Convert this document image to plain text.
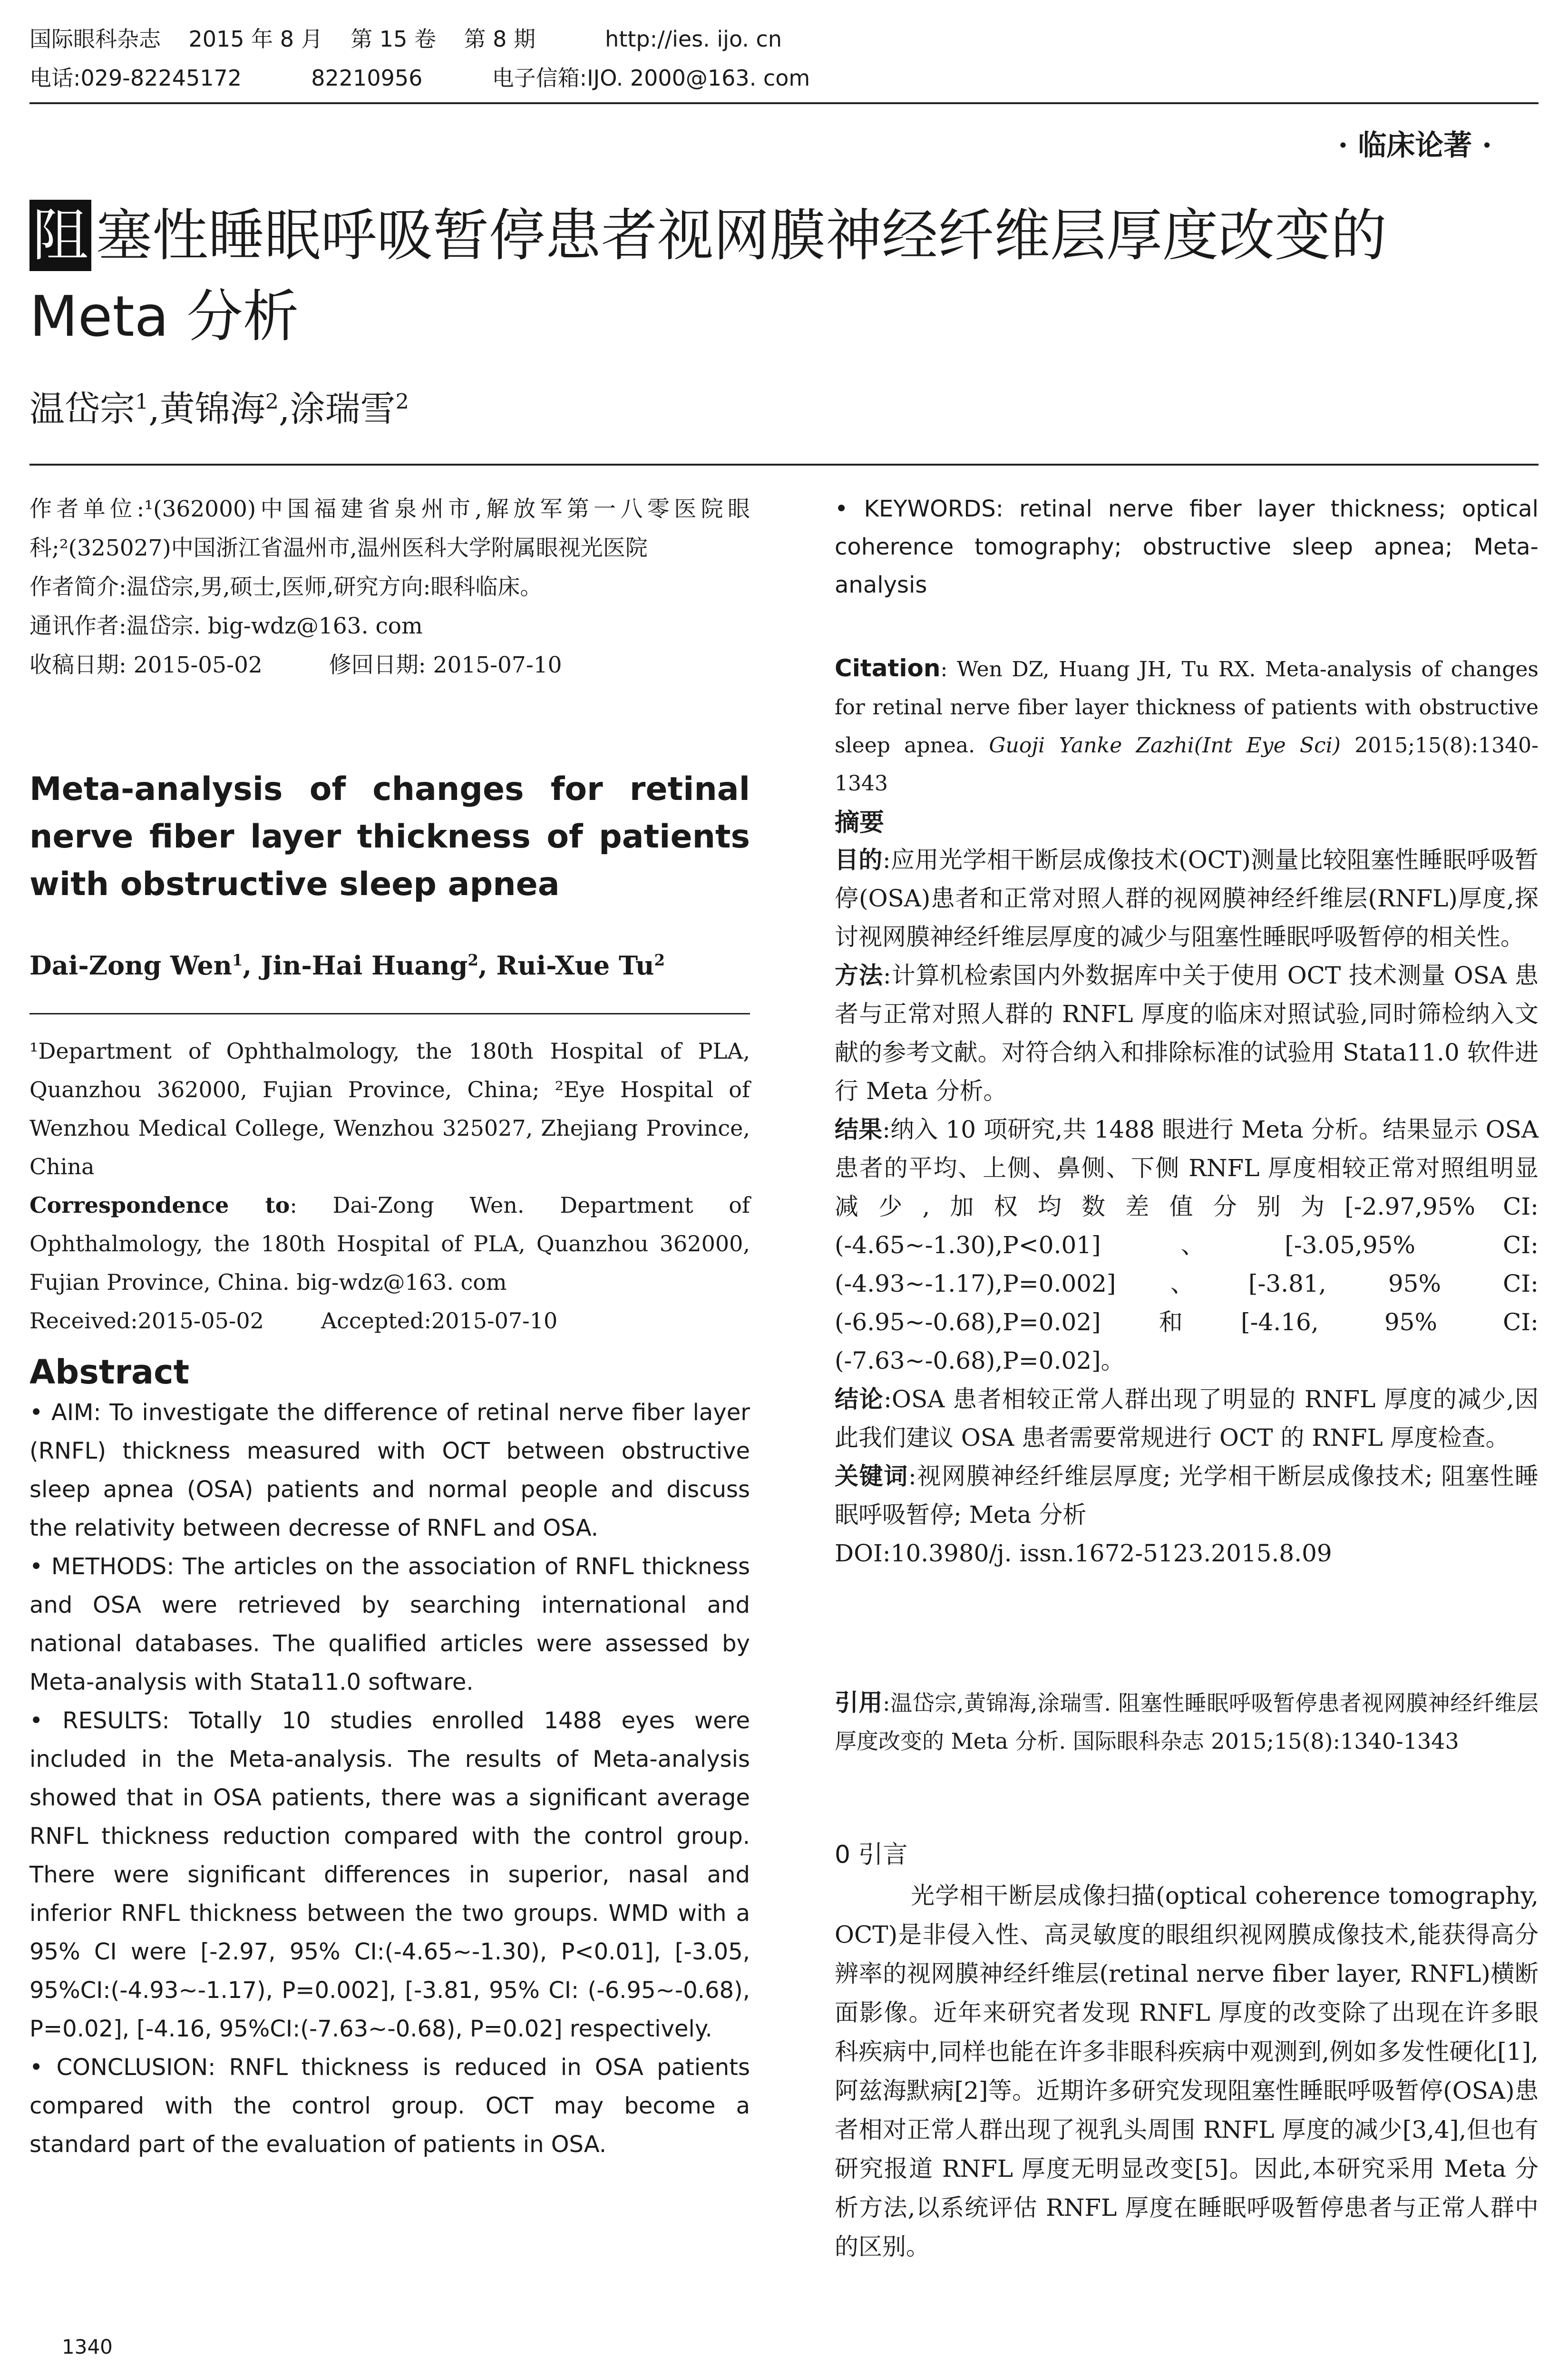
国际眼科杂志    2015 年 8 月    第 15 卷    第 8 期          http://ies. ijo. cn
电话:029-82245172          82210956          电子信箱:IJO. 2000@163. com
· 临床论著 ·
阻 塞性睡眠呼吸暂停患者视网膜神经纤维层厚度改变的
Meta 分析
温岱宗$^1$,黄锦海$^2$,涂瑞雪$^2$

作者单位:¹(362000)中国福建省泉州市,解放军第一八零医院眼科;²(325027)中国浙江省温州市,温州医科大学附属眼视光医院

作者简介:温岱宗,男,硕士,医师,研究方向:眼科临床。

通讯作者:温岱宗. big-wdz@163. com

收稿日期: 2015-05-02	修回日期: 2015-07-10

Meta-analysis of changes for retinal nerve fiber layer thickness of patients with obstructive sleep apnea
Dai-Zong Wen$^1$, Jin-Hai Huang$^2$, Rui-Xue Tu$^2$

¹Department of Ophthalmology, the 180th Hospital of PLA, Quanzhou 362000, Fujian Province, China; ²Eye Hospital of Wenzhou Medical College, Wenzhou 325027, Zhejiang Province, China

Correspondence to: Dai-Zong Wen. Department of Ophthalmology, the 180th Hospital of PLA, Quanzhou 362000, Fujian Province, China. big-wdz@163. com

Received:2015-05-02	Accepted:2015-07-10

Abstract

• AIM: To investigate the difference of retinal nerve fiber layer (RNFL) thickness measured with OCT between obstructive sleep apnea (OSA) patients and normal people and discuss the relativity between decresse of RNFL and OSA.

• METHODS: The articles on the association of RNFL thickness and OSA were retrieved by searching international and national databases. The qualified articles were assessed by Meta-analysis with Stata11.0 software.

• RESULTS: Totally 10 studies enrolled 1488 eyes were included in the Meta-analysis. The results of Meta-analysis showed that in OSA patients, there was a significant average RNFL thickness reduction compared with the control group. There were significant differences in superior, nasal and inferior RNFL thickness between the two groups. WMD with a 95% CI were [-2.97, 95% CI:(-4.65~-1.30), P<0.01], [-3.05, 95%CI:(-4.93~-1.17), P=0.002], [-3.81, 95% CI: (-6.95~-0.68), P=0.02], [-4.16, 95%CI:(-7.63~-0.68), P=0.02] respectively.

• CONCLUSION: RNFL thickness is reduced in OSA patients compared with the control group. OCT may become a standard part of the evaluation of patients in OSA.

1340
• KEYWORDS: retinal nerve fiber layer thickness; optical coherence tomography; obstructive sleep apnea; Meta-analysis
Citation: Wen DZ, Huang JH, Tu RX. Meta-analysis of changes for retinal nerve fiber layer thickness of patients with obstructive sleep apnea. Guoji Yanke Zazhi(Int Eye Sci) 2015;15(8):1340-1343
摘要

目的:应用光学相干断层成像技术(OCT)测量比较阻塞性睡眠呼吸暂停(OSA)患者和正常对照人群的视网膜神经纤维层(RNFL)厚度,探讨视网膜神经纤维层厚度的减少与阻塞性睡眠呼吸暂停的相关性。

方法:计算机检索国内外数据库中关于使用 OCT 技术测量 OSA 患者与正常对照人群的 RNFL 厚度的临床对照试验,同时筛检纳入文献的参考文献。对符合纳入和排除标准的试验用 Stata11.0 软件进行 Meta 分析。

结果:纳入 10 项研究,共 1488 眼进行 Meta 分析。结果显示 OSA 患者的平均、上侧、鼻侧、下侧 RNFL 厚度相较正常对照组明显减少,加权均数差值分别为[-2.97,95% CI:(-4.65~-1.30),P<0.01]、[-3.05,95% CI:(-4.93~-1.17),P=0.002]、[-3.81, 95% CI:(-6.95~-0.68),P=0.02]和[-4.16, 95% CI: (-7.63~-0.68),P=0.02]。

结论:OSA 患者相较正常人群出现了明显的 RNFL 厚度的减少,因此我们建议 OSA 患者需要常规进行 OCT 的 RNFL 厚度检查。

关键词:视网膜神经纤维层厚度; 光学相干断层成像技术; 阻塞性睡眠呼吸暂停; Meta 分析

DOI:10.3980/j. issn.1672-5123.2015.8.09

引用:温岱宗,黄锦海,涂瑞雪. 阻塞性睡眠呼吸暂停患者视网膜神经纤维层厚度改变的 Meta 分析. 国际眼科杂志 2015;15(8):1340-1343
0 引言
光学相干断层成像扫描(optical coherence tomography, OCT)是非侵入性、高灵敏度的眼组织视网膜成像技术,能获得高分辨率的视网膜神经纤维层(retinal nerve fiber layer, RNFL)横断面影像。近年来研究者发现 RNFL 厚度的改变除了出现在许多眼科疾病中,同样也能在许多非眼科疾病中观测到,例如多发性硬化[1],阿兹海默病[2]等。近期许多研究发现阻塞性睡眠呼吸暂停(OSA)患者相对正常人群出现了视乳头周围 RNFL 厚度的减少[3,4],但也有研究报道 RNFL 厚度无明显改变[5]。因此,本研究采用 Meta 分析方法,以系统评估 RNFL 厚度在睡眠呼吸暂停患者与正常人群中的区别。
